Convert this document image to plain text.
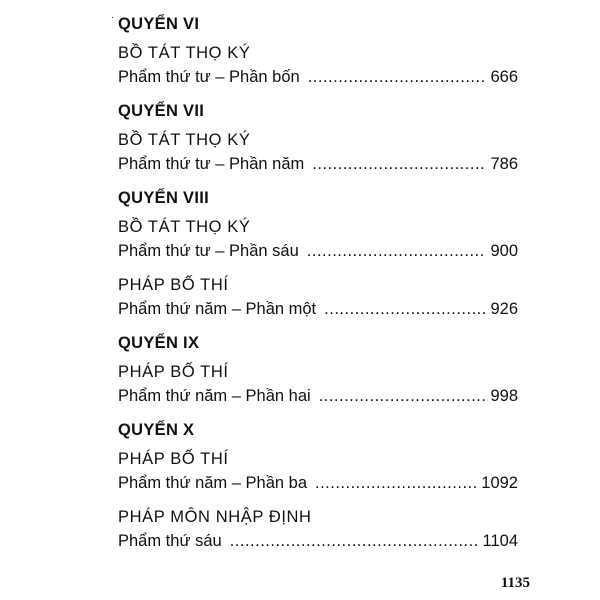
· QUYỂN VI
BỒ TÁT THỌ KÝ
Phẩm thứ tư – Phần bốn .....	666
QUYỂN VII
BỒ TÁT THỌ KÝ
Phẩm thứ tư – Phần năm .....	786
QUYỂN VIII
BỒ TÁT THỌ KÝ
Phẩm thứ tư – Phần sáu .....	900
PHÁP BỐ THÍ
Phẩm thứ năm – Phần một .....	926
QUYỂN IX
PHÁP BỐ THÍ
Phẩm thứ năm – Phần hai .....	998
QUYỂN X
PHÁP BỐ THÍ
Phẩm thứ năm – Phần ba .....	1092
PHÁP MÔN NHẬP ĐỊNH
Phẩm thứ sáu .....	1104
1135
